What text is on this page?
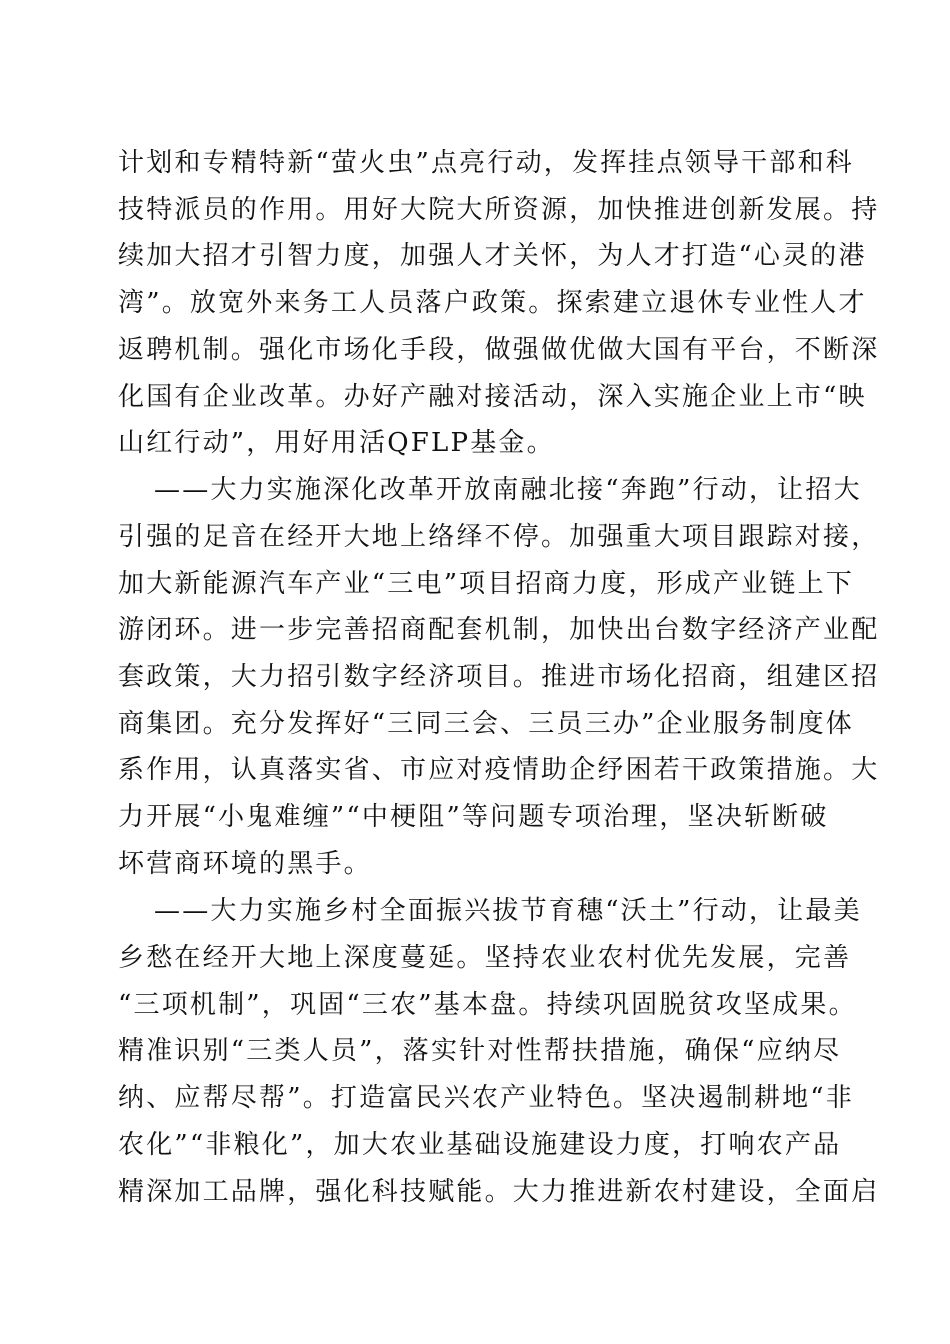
计划和专精特新“萤火虫”点亮行动，发挥挂点领导干部和科
技特派员的作用。用好大院大所资源，加快推进创新发展。持
续加大招才引智力度，加强人才关怀，为人才打造“心灵的港
湾”。放宽外来务工人员落户政策。探索建立退休专业性人才
返聘机制。强化市场化手段，做强做优做大国有平台，不断深
化国有企业改革。办好产融对接活动，深入实施企业上市“映
山红行动”，用好用活QFLP基金。
——大力实施深化改革开放南融北接“奔跑”行动，让招大
引强的足音在经开大地上络绎不停。加强重大项目跟踪对接，
加大新能源汽车产业“三电”项目招商力度，形成产业链上下
游闭环。进一步完善招商配套机制，加快出台数字经济产业配
套政策，大力招引数字经济项目。推进市场化招商，组建区招
商集团。充分发挥好“三同三会、三员三办”企业服务制度体
系作用，认真落实省、市应对疫情助企纾困若干政策措施。大
力开展“小鬼难缠”“中梗阻”等问题专项治理，坚决斩断破
坏营商环境的黑手。
——大力实施乡村全面振兴拔节育穗“沃土”行动，让最美
乡愁在经开大地上深度蔓延。坚持农业农村优先发展，完善
“三项机制”，巩固“三农”基本盘。持续巩固脱贫攻坚成果。
精准识别“三类人员”，落实针对性帮扶措施，确保“应纳尽
纳、应帮尽帮”。打造富民兴农产业特色。坚决遏制耕地“非
农化”“非粮化”，加大农业基础设施建设力度，打响农产品
精深加工品牌，强化科技赋能。大力推进新农村建设，全面启
